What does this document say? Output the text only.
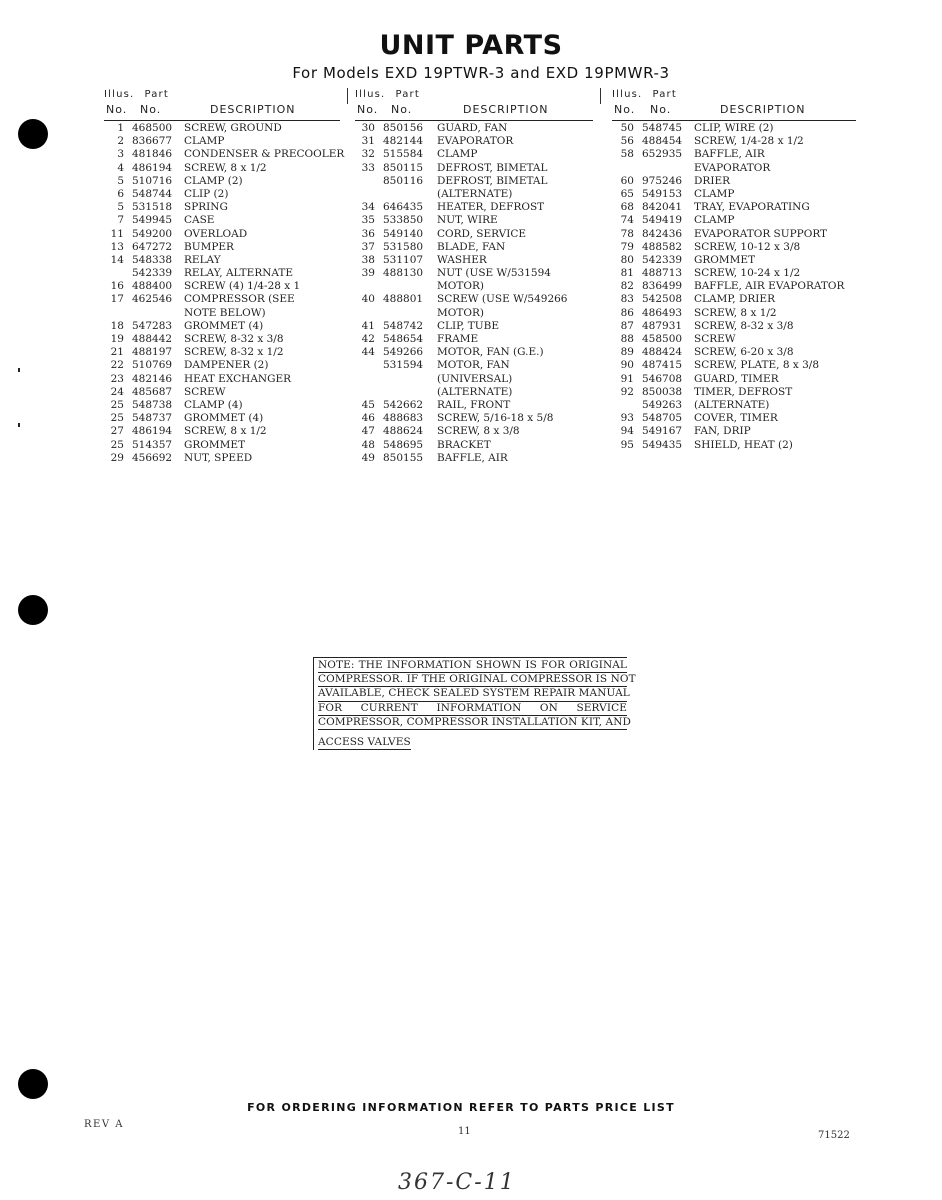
UNIT PARTS
For Models EXD 19PTWR-3 and EXD 19PMWR-3
Illus. Part
No. No.	DESCRIPTION
1 468500 SCREW, GROUND
2 836677 CLAMP
3 481846 CONDENSER & PRECOOLER
4 486194 SCREW, 8 x 1/2
5 510716 CLAMP (2)
6 548744 CLIP (2)
5 531518 SPRING
7 549945 CASE
11 549200 OVERLOAD
13 647272 BUMPER
14 548338 RELAY
542339 RELAY, ALTERNATE
16 488400 SCREW (4) 1/4-28 x 1
17 462546 COMPRESSOR (SEE
NOTE BELOW)
18 547283 GROMMET (4)
19 488442 SCREW, 8-32 x 3/8
21 488197 SCREW, 8-32 x 1/2
22 510769 DAMPENER (2)
23 482146 HEAT EXCHANGER
24 485687 SCREW
25 548738 CLAMP (4)
25 548737 GROMMET (4)
27 486194 SCREW, 8 x 1/2
25 514357 GROMMET
29 456692 NUT, SPEED
Illus. Part
No. No.	DESCRIPTION
30 850156 GUARD, FAN
31 482144 EVAPORATOR
32 515584 CLAMP
33 850115 DEFROST, BIMETAL
850116 DEFROST, BIMETAL
(ALTERNATE)
34 646435 HEATER, DEFROST
35 533850 NUT, WIRE
36 549140 CORD, SERVICE
37 531580 BLADE, FAN
38 531107 WASHER
39 488130 NUT (USE W/531594
MOTOR)
40 488801 SCREW (USE W/549266
MOTOR)
41 548742 CLIP, TUBE
42 548654 FRAME
44 549266 MOTOR, FAN (G.E.)
531594 MOTOR, FAN
(UNIVERSAL)
(ALTERNATE)
45 542662 RAIL, FRONT
46 488683 SCREW, 5/16-18 x 5/8
47 488624 SCREW, 8 x 3/8
48 548695 BRACKET
49 850155 BAFFLE, AIR
Illus. Part
No. No.	DESCRIPTION
50 548745 CLIP, WIRE (2)
56 488454 SCREW, 1/4-28 x 1/2
58 652935 BAFFLE, AIR
EVAPORATOR
60 975246 DRIER
65 549153 CLAMP
68 842041 TRAY, EVAPORATING
74 549419 CLAMP
78 842436 EVAPORATOR SUPPORT
79 488582 SCREW, 10-12 x 3/8
80 542339 GROMMET
81 488713 SCREW, 10-24 x 1/2
82 836499 BAFFLE, AIR EVAPORATOR
83 542508 CLAMP, DRIER
86 486493 SCREW, 8 x 1/2
87 487931 SCREW, 8-32 x 3/8
88 458500 SCREW
89 488424 SCREW, 6-20 x 3/8
90 487415 SCREW, PLATE, 8 x 3/8
91 546708 GUARD, TIMER
92 850038 TIMER, DEFROST
549263 (ALTERNATE)
93 548705 COVER, TIMER
94 549167 FAN, DRIP
95 549435 SHIELD, HEAT (2)
NOTE: THE INFORMATION SHOWN IS FOR ORIGINAL
COMPRESSOR. IF THE ORIGINAL COMPRESSOR IS NOT
AVAILABLE, CHECK SEALED SYSTEM REPAIR MANUAL
FOR CURRENT INFORMATION ON SERVICE
COMPRESSOR, COMPRESSOR INSTALLATION KIT, AND
ACCESS VALVES
FOR ORDERING INFORMATION REFER TO PARTS PRICE LIST
REV A
11	71522
367-C-11
